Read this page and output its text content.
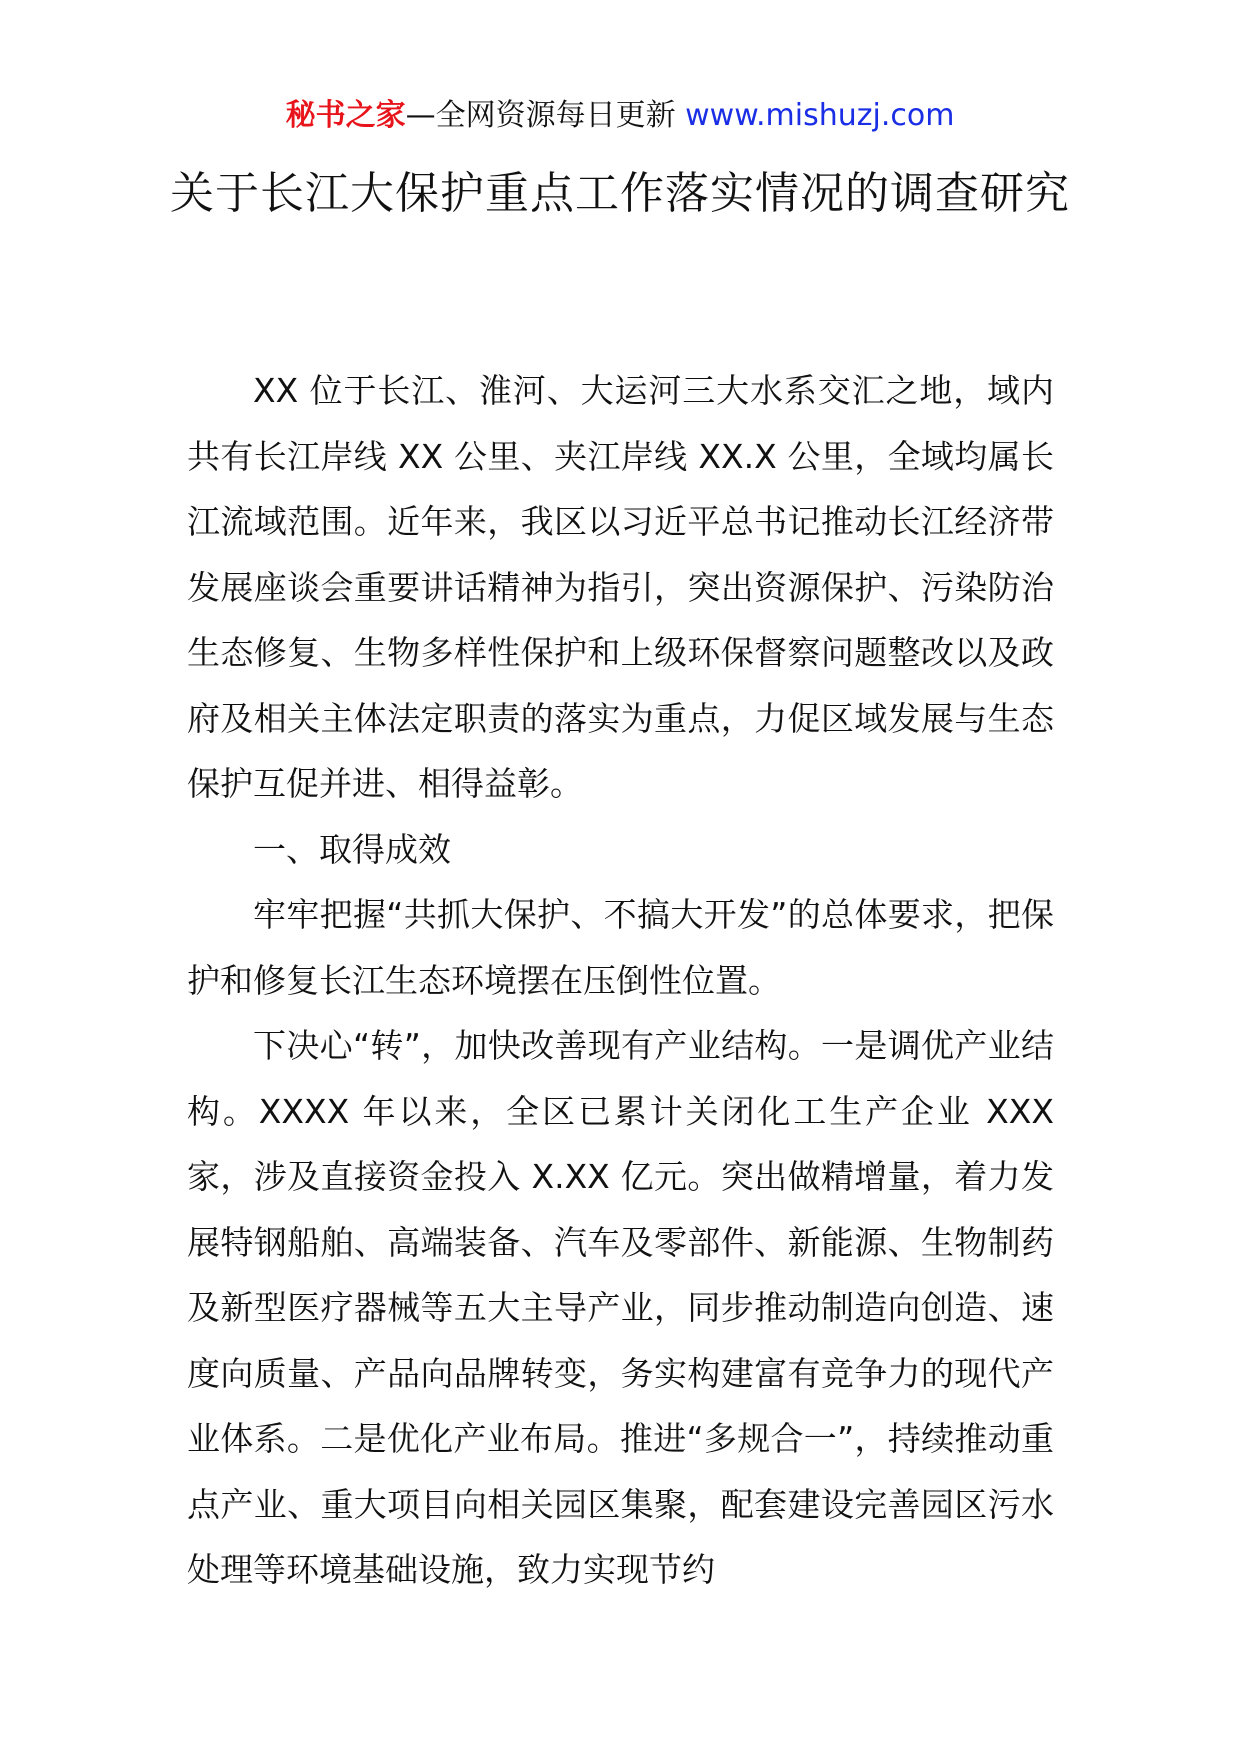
秘书之家—全网资源每日更新 www.mishuzj.com
关于长江大保护重点工作落实情况的调查研究

XX 位于长江、淮河、大运河三大水系交汇之地，域内共有长江岸线 XX 公里、夹江岸线 XX.X 公里，全域均属长江流域范围。近年来，我区以习近平总书记推动长江经济带发展座谈会重要讲话精神为指引，突出资源保护、污染防治生态修复、生物多样性保护和上级环保督察问题整改以及政府及相关主体法定职责的落实为重点，力促区域发展与生态保护互促并进、相得益彰。

一、取得成效

牢牢把握“共抓大保护、不搞大开发”的总体要求，把保护和修复长江生态环境摆在压倒性位置。

下决心“转”，加快改善现有产业结构。一是调优产业结构。XXXX 年以来，全区已累计关闭化工生产企业 XXX 家，涉及直接资金投入 X.XX 亿元。突出做精增量，着力发展特钢船舶、高端装备、汽车及零部件、新能源、生物制药及新型医疗器械等五大主导产业，同步推动制造向创造、速度向质量、产品向品牌转变，务实构建富有竞争力的现代产业体系。二是优化产业布局。推进“多规合一”，持续推动重点产业、重大项目向相关园区集聚，配套建设完善园区污水处理等环境基础设施，致力实现节约
